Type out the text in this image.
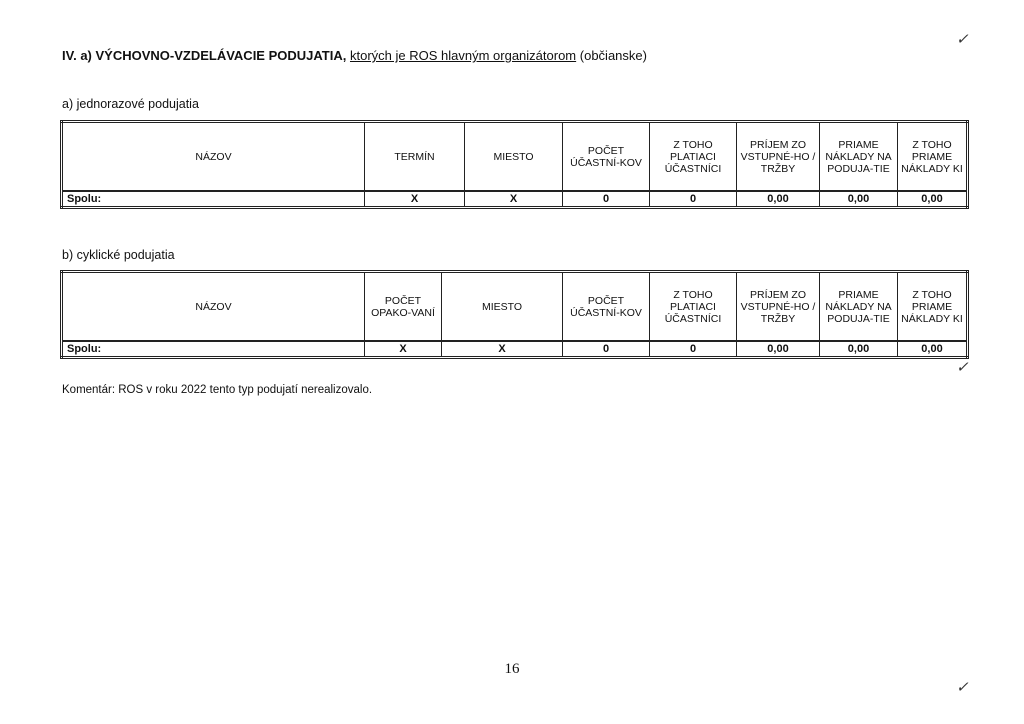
IV. a) VÝCHOVNO-VZDELÁVACIE PODUJATIA, ktorých je ROS hlavným organizátorom (občianske)
a) jednorazové podujatia
NÁZOV	TERMÍN	MIESTO	POČET ÚČASTNÍ-KOV	Z TOHO PLATIACI ÚČASTNÍCI	PRÍJEM ZO VSTUPNÉ-HO / TRŽBY	PRIAME NÁKLADY NA PODUJA-TIE	Z TOHO PRIAME NÁKLADY KI
Spolu:	X	X	0	0	0,00	0,00	0,00
b) cyklické podujatia
NÁZOV	POČET OPAKO-VANÍ	MIESTO	POČET ÚČASTNÍ-KOV	Z TOHO PLATIACI ÚČASTNÍCI	PRÍJEM ZO VSTUPNÉ-HO / TRŽBY	PRIAME NÁKLADY NA PODUJA-TIE	Z TOHO PRIAME NÁKLADY KI
Spolu:	X	X	0	0	0,00	0,00	0,00
Komentár: ROS v roku 2022 tento typ podujatí nerealizovalo.
16
✓
✓
✓
